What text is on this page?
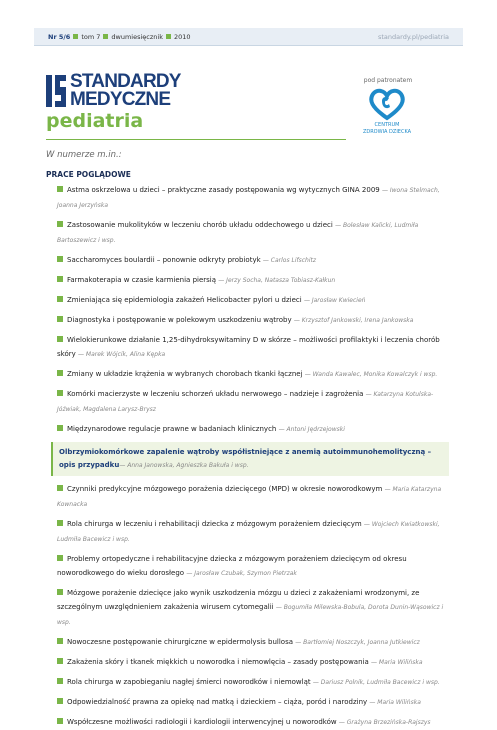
Nr 5/6 tom 7 dwumiesięcznik 2010	standardy.pl/pediatria
STANDARDY
MEDYCZNE
pediatria
pod patronatem
CENTRUM
ZDROWIA DZIECKA
W numerze m.in.:
PRACE POGLĄDOWE
Astma oskrzelowa u dzieci – praktyczne zasady postępowania wg wytycznych GINA 2009 — Iwona Stelmach, Joanna Jerzyńska
Zastosowanie mukolityków w leczeniu chorób układu oddechowego u dzieci — Bolesław Kalicki, Ludmiła Bartoszewicz i wsp.
Saccharomyces boulardii – ponownie odkryty probiotyk — Carlos Lifschitz
Farmakoterapia w czasie karmienia piersią — Jerzy Socha, Natasza Tobiasz-Kałkun
Zmieniająca się epidemiologia zakażeń Helicobacter pylori u dzieci — Jarosław Kwiecień
Diagnostyka i postępowanie w polekowym uszkodzeniu wątroby — Krzysztof Jankowski, Irena Jankowska
Wielokierunkowe działanie 1,25-dihydroksywitaminy D w skórze – możliwości profilaktyki i leczenia chorób skóry — Marek Wójcik, Alina Kępka
Zmiany w układzie krążenia w wybranych chorobach tkanki łącznej — Wanda Kawalec, Monika Kowalczyk i wsp.
Komórki macierzyste w leczeniu schorzeń układu nerwowego – nadzieje i zagrożenia — Katarzyna Kotulska-Jóźwiak, Magdalena Larysz-Brysz
Międzynarodowe regulacje prawne w badaniach klinicznych — Antoni Jędrzejowski
Olbrzymiokomórkowe zapalenie wątroby współistniejące z anemią autoimmunohemolityczną – opis przypadku— Anna Janowska, Agnieszka Bakuła i wsp.
Czynniki predykcyjne mózgowego porażenia dziecięcego (MPD) w okresie noworodkowym — Maria Katarzyna Kownacka
Rola chirurga w leczeniu i rehabilitacji dziecka z mózgowym porażeniem dziecięcym — Wojciech Kwiatkowski, Ludmiła Bacewicz i wsp.
Problemy ortopedyczne i rehabilitacyjne dziecka z mózgowym porażeniem dziecięcym od okresu noworodkowego do wieku dorosłego — Jarosław Czubak, Szymon Pietrzak
Mózgowe porażenie dziecięce jako wynik uszkodzenia mózgu u dzieci z zakażeniami wrodzonymi, ze szczególnym uwzględnieniem zakażenia wirusem cytomegalii — Bogumiła Milewska-Bobula, Dorota Dunin-Wąsowicz i wsp.
Nowoczesne postępowanie chirurgiczne w epidermolysis bullosa — Bartłomiej Noszczyk, Joanna Jutkiewicz
Zakażenia skóry i tkanek miękkich u noworodka i niemowlęcia – zasady postępowania — Maria Wilińska
Rola chirurga w zapobieganiu nagłej śmierci noworodków i niemowląt — Dariusz Polnik, Ludmiła Bacewicz i wsp.
Odpowiedzialność prawna za opiekę nad matką i dzieckiem – ciąża, poród i narodziny — Maria Wilińska
Współczesne możliwości radiologii i kardiologii interwencyjnej u noworodków — Grażyna Brzezińska-Rajszys
